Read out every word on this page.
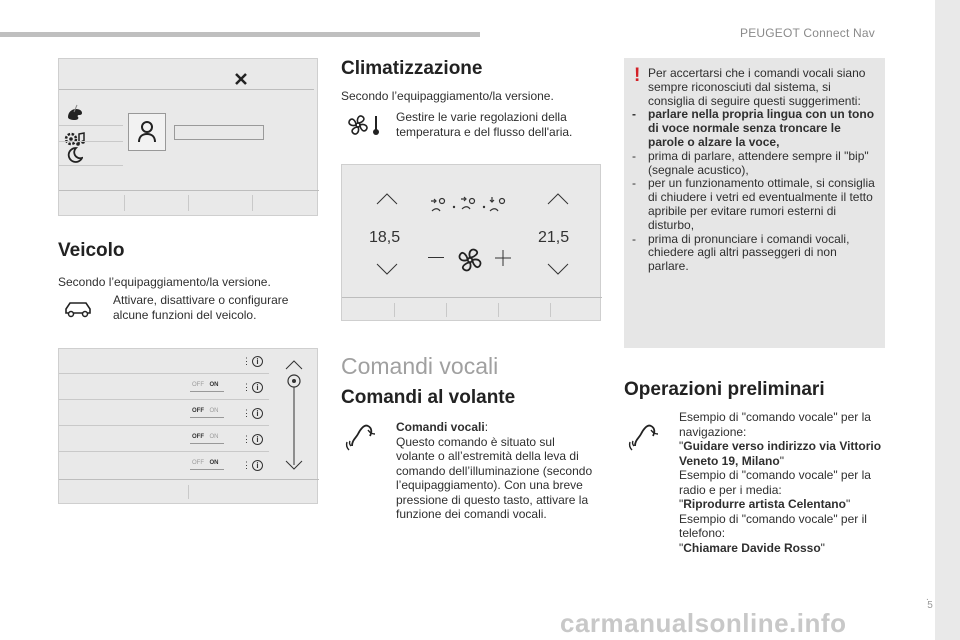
PEUGEOT Connect Nav
.
5
carmanualsonline.info
Veicolo
Secondo l’equipaggiamento/la versione.
Attivare, disattivare o configurare alcune funzioni del veicolo.
⋮ i
OFF ON	⋮ i
OFF ON	⋮ i
OFF ON	⋮ i
OFF ON	⋮ i
Climatizzazione
Secondo l’equipaggiamento/la versione.
Gestire le varie regolazioni della temperatura e del flusso dell'aria.
18,5	21,5
Comandi vocali
Comandi al volante
Comandi vocali:
Questo comando è situato sul volante o all’estremità della leva di comando dell’illuminazione (secondo l’equipaggiamento). Con una breve pressione di questo tasto, attivare la funzione dei comandi vocali.
! Per accertarsi che i comandi vocali siano sempre riconosciuti dal sistema, si consiglia di seguire questi suggerimenti:
- parlare nella propria lingua con un tono di voce normale senza troncare le parole o alzare la voce,
- prima di parlare, attendere sempre il "bip" (segnale acustico),
- per un funzionamento ottimale, si consiglia di chiudere i vetri ed eventualmente il tetto apribile per evitare rumori esterni di disturbo,
- prima di pronunciare i comandi vocali, chiedere agli altri passeggeri di non parlare.
Operazioni preliminari
Esempio di "comando vocale" per la navigazione:
"Guidare verso indirizzo via Vittorio Veneto 19, Milano"
Esempio di "comando vocale" per la radio e per i media:
"Riprodurre artista Celentano"
Esempio di "comando vocale" per il telefono:
"Chiamare Davide Rosso"
